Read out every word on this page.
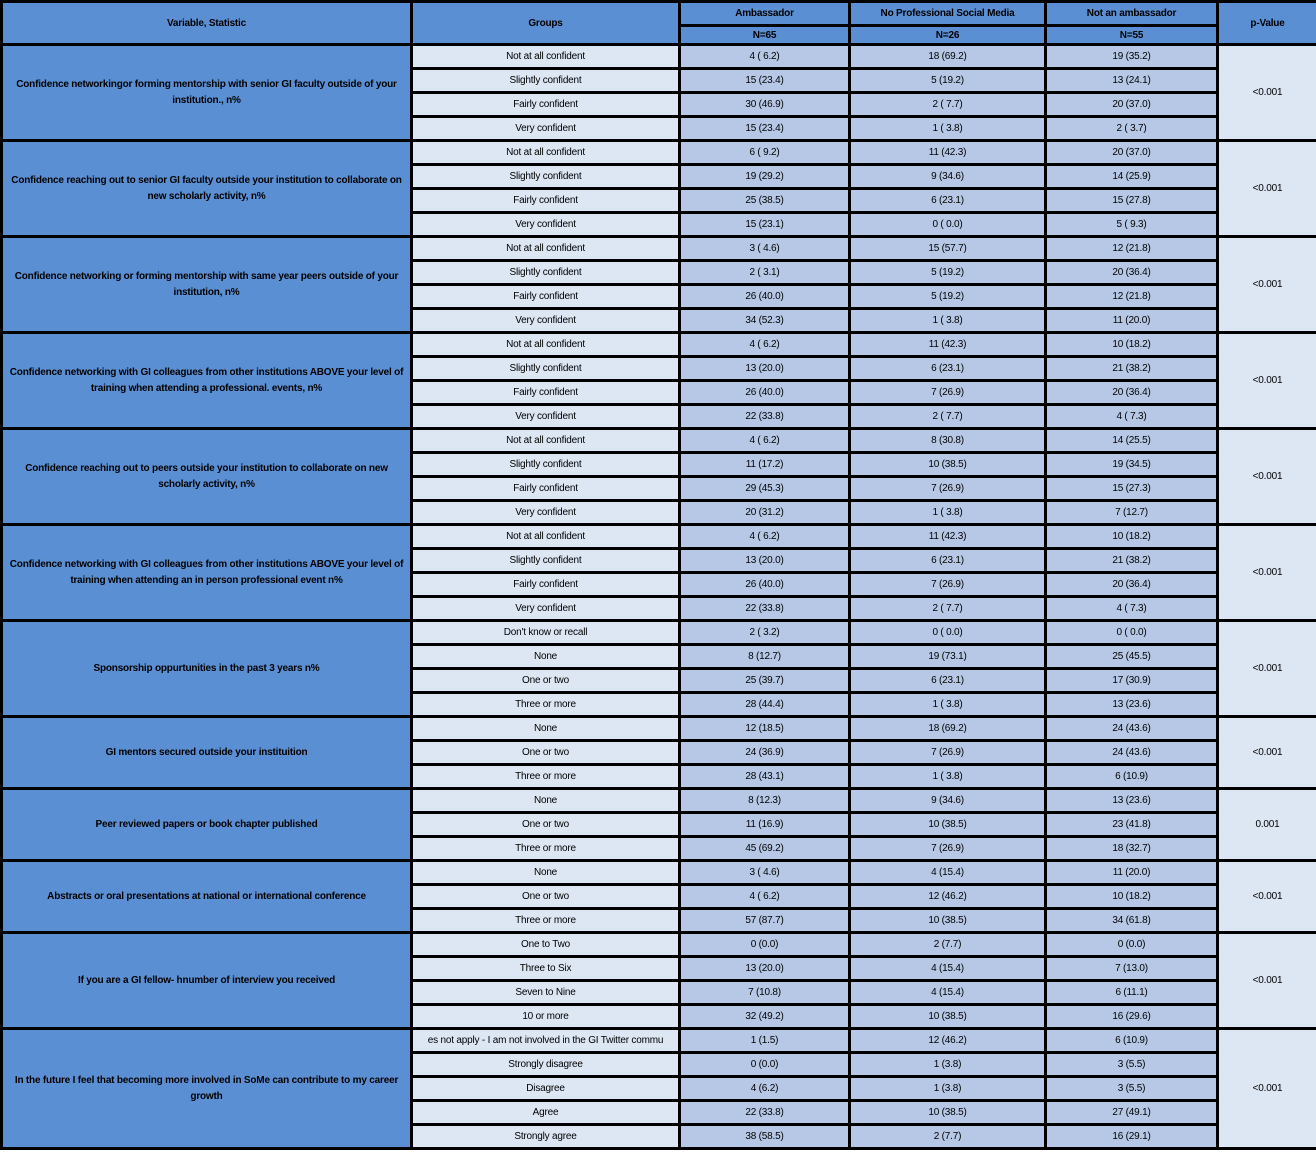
Variable, Statistic	Groups	Ambassador	No Professional Social Media	Not an ambassador	p-Value
		N=65	N=26	N=55	
Confidence networkingor forming mentorship with senior GI faculty outside of your institution., n%	Not at all confident	4 ( 6.2)	18 (69.2)	19 (35.2)	<0.001
	Slightly confident	15 (23.4)	5 (19.2)	13 (24.1)	
	Fairly confident	30 (46.9)	2 ( 7.7)	20 (37.0)	
	Very confident	15 (23.4)	1 ( 3.8)	2 ( 3.7)	
Confidence reaching out to senior GI faculty outside your institution to collaborate on new scholarly activity, n%	Not at all confident	6 ( 9.2)	11 (42.3)	20 (37.0)	<0.001
	Slightly confident	19 (29.2)	9 (34.6)	14 (25.9)	
	Fairly confident	25 (38.5)	6 (23.1)	15 (27.8)	
	Very confident	15 (23.1)	0 ( 0.0)	5 ( 9.3)	
Confidence networking or forming mentorship with same year peers outside of your institution, n%	Not at all confident	3 ( 4.6)	15 (57.7)	12 (21.8)	<0.001
	Slightly confident	2 ( 3.1)	5 (19.2)	20 (36.4)	
	Fairly confident	26 (40.0)	5 (19.2)	12 (21.8)	
	Very confident	34 (52.3)	1 ( 3.8)	11 (20.0)	
Confidence networking with GI colleagues from other institutions ABOVE your level of training when attending a professional. events, n%	Not at all confident	4 ( 6.2)	11 (42.3)	10 (18.2)	<0.001
	Slightly confident	13 (20.0)	6 (23.1)	21 (38.2)	
	Fairly confident	26 (40.0)	7 (26.9)	20 (36.4)	
	Very confident	22 (33.8)	2 ( 7.7)	4 ( 7.3)	
Confidence reaching out to peers outside your institution to collaborate on new scholarly activity, n%	Not at all confident	4 ( 6.2)	8 (30.8)	14 (25.5)	<0.001
	Slightly confident	11 (17.2)	10 (38.5)	19 (34.5)	
	Fairly confident	29 (45.3)	7 (26.9)	15 (27.3)	
	Very confident	20 (31.2)	1 ( 3.8)	7 (12.7)	
Confidence networking with GI colleagues from other institutions ABOVE your level of training when attending an in person professional event n%	Not at all confident	4 ( 6.2)	11 (42.3)	10 (18.2)	<0.001
	Slightly confident	13 (20.0)	6 (23.1)	21 (38.2)	
	Fairly confident	26 (40.0)	7 (26.9)	20 (36.4)	
	Very confident	22 (33.8)	2 ( 7.7)	4 ( 7.3)	
Sponsorship oppurtunities in the past 3 years n%	Don't know or recall	2 ( 3.2)	0 ( 0.0)	0 ( 0.0)	<0.001
	None	8 (12.7)	19 (73.1)	25 (45.5)	
	One or two	25 (39.7)	6 (23.1)	17 (30.9)	
	Three or more	28 (44.4)	1 ( 3.8)	13 (23.6)	
GI mentors secured outside your instituition	None	12 (18.5)	18 (69.2)	24 (43.6)	<0.001
	One or two	24 (36.9)	7 (26.9)	24 (43.6)	
	Three or more	28 (43.1)	1 ( 3.8)	6 (10.9)	
Peer reviewed papers or book chapter published	None	8 (12.3)	9 (34.6)	13 (23.6)	0.001
	One or two	11 (16.9)	10 (38.5)	23 (41.8)	
	Three or more	45 (69.2)	7 (26.9)	18 (32.7)	
Abstracts or oral presentations at national or international conference	None	3 ( 4.6)	4 (15.4)	11 (20.0)	<0.001
	One or two	4 ( 6.2)	12 (46.2)	10 (18.2)	
	Three or more	57 (87.7)	10 (38.5)	34 (61.8)	
If you are a GI fellow- hnumber of interview you received	One to Two	0 (0.0)	2 (7.7)	0 (0.0)	<0.001
	Three to Six	13 (20.0)	4 (15.4)	7 (13.0)	
	Seven to Nine	7 (10.8)	4 (15.4)	6 (11.1)	
	10 or more	32 (49.2)	10 (38.5)	16 (29.6)	
In the future I feel that becoming more involved in SoMe can contribute to my career growth	es not apply - I am not involved in the GI Twitter commu	1 (1.5)	12 (46.2)	6 (10.9)	<0.001
	Strongly disagree	0 (0.0)	1 (3.8)	3 (5.5)	
	Disagree	4 (6.2)	1 (3.8)	3 (5.5)	
	Agree	22 (33.8)	10 (38.5)	27 (49.1)	
	Strongly agree	38 (58.5)	2 (7.7)	16 (29.1)	
